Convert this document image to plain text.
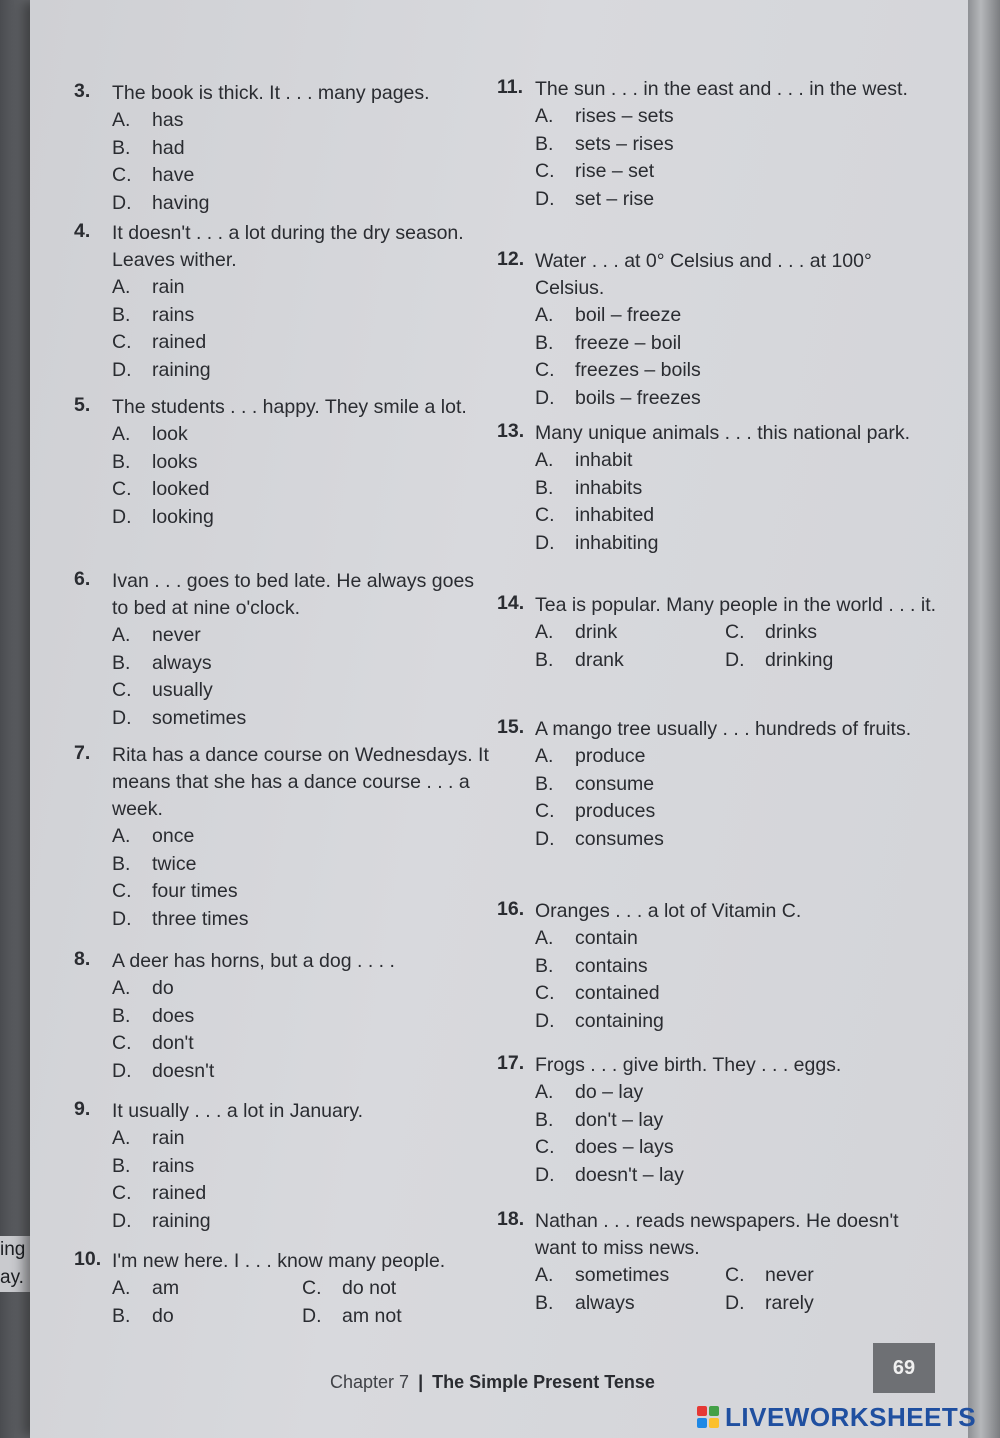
ing
ay.
3.	The book is thick. It . . . many pages.
A. has
B. had
C. have
D. having
4.	It doesn't . . . a lot during the dry season. Leaves wither.
A. rain
B. rains
C. rained
D. raining
5.	The students . . . happy. They smile a lot.
A. look
B. looks
C. looked
D. looking
6.	Ivan . . . goes to bed late. He always goes to bed at nine o'clock.
A. never
B. always
C. usually
D. sometimes
7.	Rita has a dance course on Wednesdays. It means that she has a dance course . . . a week.
A. once
B. twice
C. four times
D. three times
8.	A deer has horns, but a dog . . . .
A. do
B. does
C. don't
D. doesn't
9.	It usually . . . a lot in January.
A. rain
B. rains
C. rained
D. raining
10. I'm new here. I . . . know many people.
A. am	C. do not
B. do	D. am not
11. The sun . . . in the east and . . . in the west.
A. rises – sets
B. sets – rises
C. rise – set
D. set – rise
12. Water . . . at 0° Celsius and . . . at 100° Celsius.
A. boil – freeze
B. freeze – boil
C. freezes – boils
D. boils – freezes
13. Many unique animals . . . this national park.
A. inhabit
B. inhabits
C. inhabited
D. inhabiting
14. Tea is popular. Many people in the world . . . it.
A. drink	C. drinks
B. drank	D. drinking
15. A mango tree usually . . . hundreds of fruits.
A. produce
B. consume
C. produces
D. consumes
16. Oranges . . . a lot of Vitamin C.
A. contain
B. contains
C. contained
D. containing
17. Frogs . . . give birth. They . . . eggs.
A. do – lay
B. don't – lay
C. does – lays
D. doesn't – lay
18. Nathan . . . reads newspapers. He doesn't want to miss news.
A. sometimes	C. never
B. always	D. rarely
Chapter 7 | The Simple Present Tense
69
LIVEWORKSHEETS
